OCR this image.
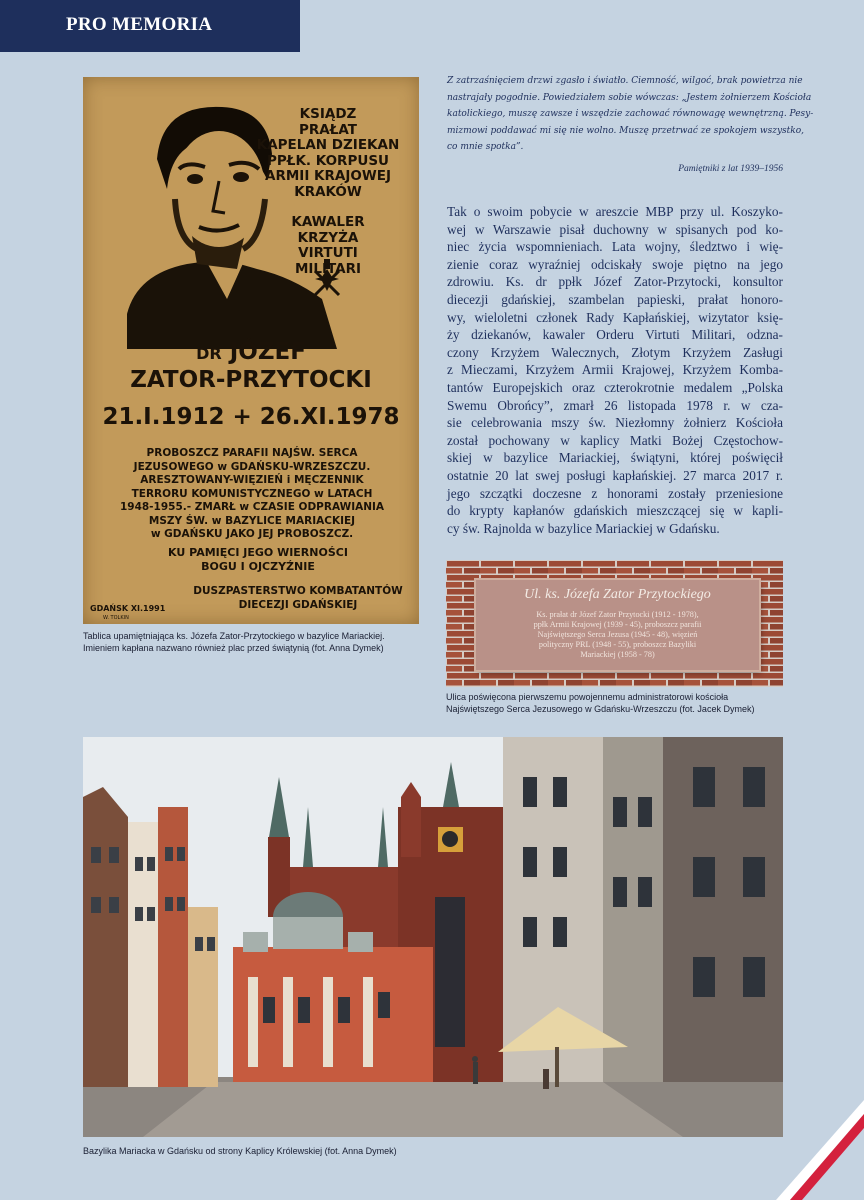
PRO MEMORIA
KSIĄDZ
PRAŁAT
KAPELAN DZIEKAN
PPŁK. KORPUSU
ARMII KRAJOWEJ
KRAKÓW
KAWALER
KRZYŻA
VIRTUTI
MILITARI
DR JÓZEF
ZATOR-PRZYTOCKI
21.I.1912 + 26.XI.1978
PROBOSZCZ PARAFII NAJŚW. SERCA
JEZUSOWEGO w GDAŃSKU-WRZESZCZU.
ARESZTOWANY-WIĘZIEŃ i MĘCZENNIK
TERRORU KOMUNISTYCZNEGO w LATACH
1948-1955.- ZMARŁ w CZASIE ODPRAWIANIA
MSZY ŚW. w BAZYLICE MARIACKIEJ
w GDAŃSKU JAKO JEJ PROBOSZCZ.
KU PAMIĘCI JEGO WIERNOŚCI
BOGU I OJCZYŹNIE
DUSZPASTERSTWO KOMBATANTÓW
DIECEZJI GDAŃSKIEJ
GDAŃSK XI.1991
W. TOLKIN
Tablica upamiętniająca ks. Józefa Zator-Przytockiego w bazylice Mariackiej.
Imieniem kapłana nazwano również plac przed świątynią (fot. Anna Dymek)
Z zatrzaśnięciem drzwi zgasło i światło. Ciemność, wilgoć, brak powietrza nie
nastrajały pogodnie. Powiedziałem sobie wówczas: „Jestem żołnierzem Kościoła
katolickiego, muszę zawsze i wszędzie zachować równowagę wewnętrzną. Pesy-
mizmowi poddawać mi się nie wolno. Muszę przetrwać ze spokojem wszystko,
co mnie spotka”.
Pamiętniki z lat 1939–1956
Tak o swoim pobycie w areszcie MBP przy ul. Koszyko-
wej w Warszawie pisał duchowny w spisanych pod ko-
niec życia wspomnieniach. Lata wojny, śledztwo i wię-
zienie coraz wyraźniej odciskały swoje piętno na jego
zdrowiu. Ks. dr ppłk Józef Zator-Przytocki, konsultor
diecezji gdańskiej, szambelan papieski, prałat honoro-
wy, wieloletni członek Rady Kapłańskiej, wizytator księ-
ży dziekanów, kawaler Orderu Virtuti Militari, odzna-
czony Krzyżem Walecznych, Złotym Krzyżem Zasługi
z Mieczami, Krzyżem Armii Krajowej, Krzyżem Komba-
tantów Europejskich oraz czterokrotnie medalem „Polska
Swemu Obrońcy”, zmarł 26 listopada 1978 r. w cza-
sie celebrowania mszy św. Niezłomny żołnierz Kościoła
został pochowany w kaplicy Matki Bożej Częstochow-
skiej w bazylice Mariackiej, świątyni, której poświęcił
ostatnie 20 lat swej posługi kapłańskiej. 27 marca 2017 r.
jego szczątki doczesne z honorami zostały przeniesione
do krypty kapłanów gdańskich mieszczącej się w kapli-
cy św. Rajnolda w bazylice Mariackiej w Gdańsku.
Ul. ks. Józefa Zator Przytockiego
Ks. prałat dr Józef Zator Przytocki (1912 - 1978),
ppłk Armii Krajowej (1939 - 45), proboszcz parafii
Najświętszego Serca Jezusa (1945 - 48), więzień
polityczny PRL (1948 - 55), proboszcz Bazyliki
Mariackiej (1958 - 78)
Ulica poświęcona pierwszemu powojennemu administratorowi kościoła
Najświętszego Serca Jezusowego w Gdańsku-Wrzeszczu (fot. Jacek Dymek)
Bazylika Mariacka w Gdańsku od strony Kaplicy Królewskiej (fot. Anna Dymek)
